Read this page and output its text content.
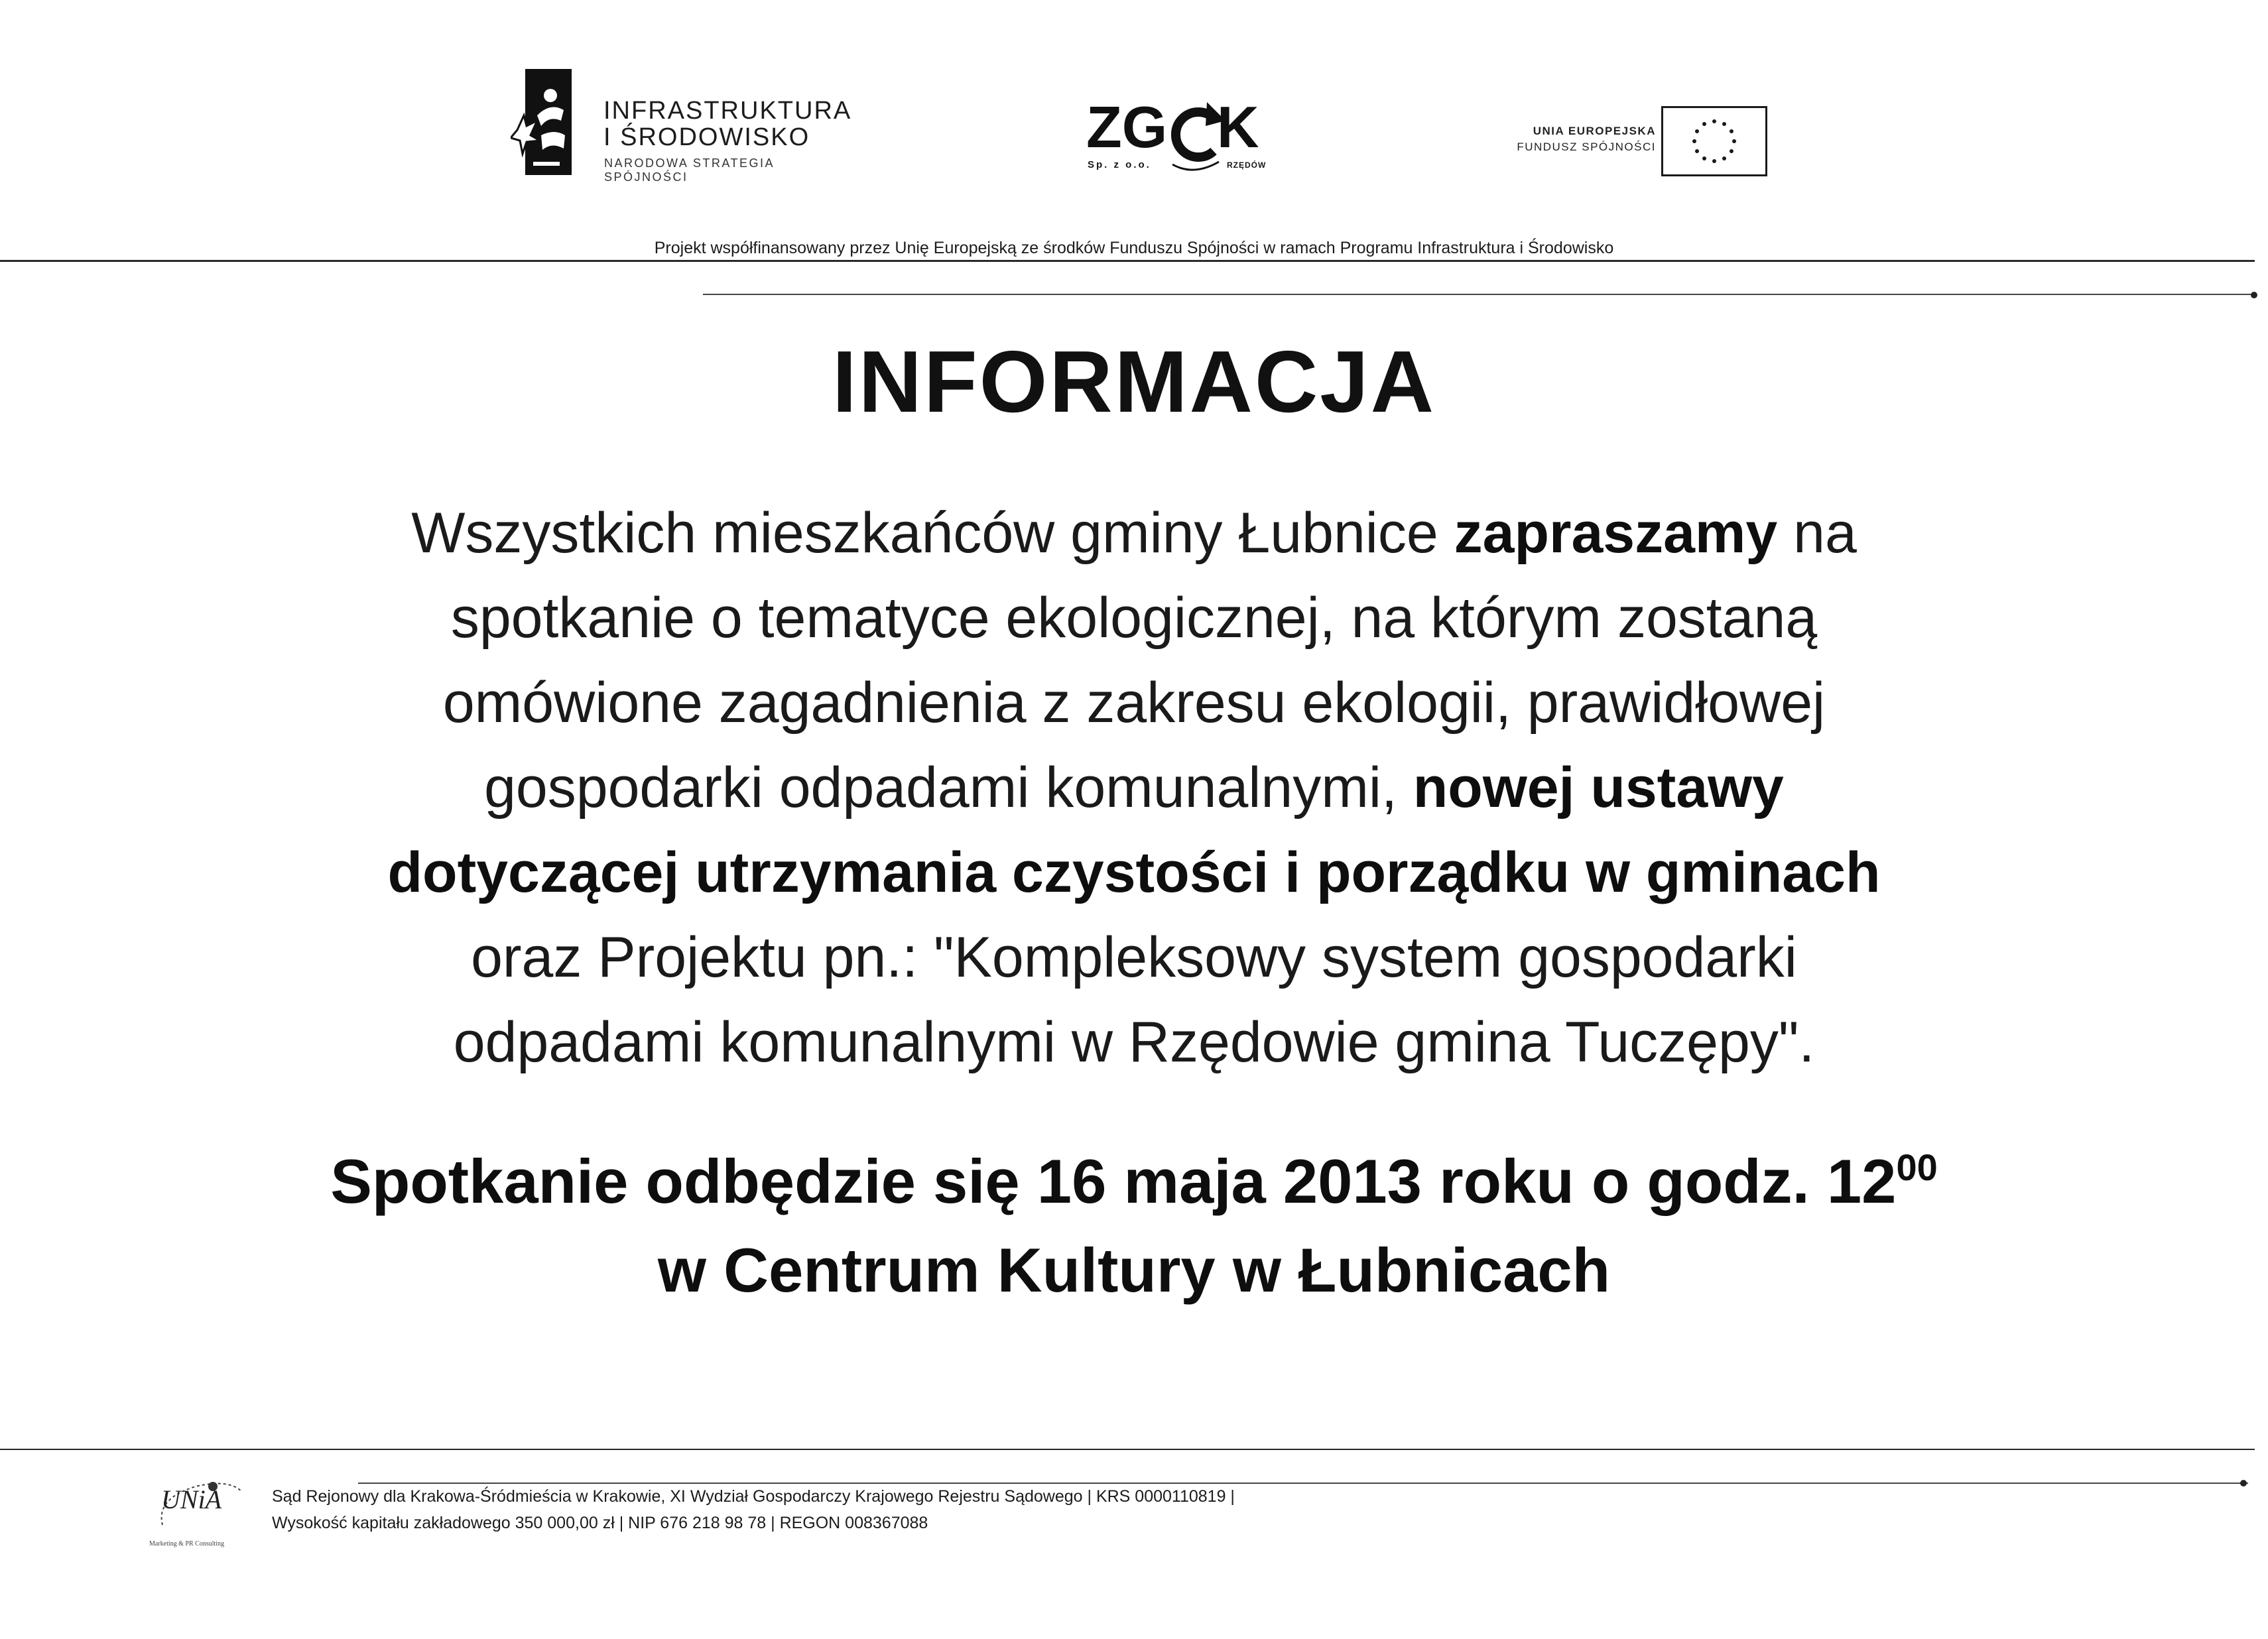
INFRASTRUKTURA
I ŚRODOWISKO
NARODOWA STRATEGIA SPÓJNOŚCI
ZG K
Sp. z o.o.	RZĘDÓW
UNIA EUROPEJSKA
FUNDUSZ SPÓJNOŚCI
Projekt współfinansowany przez Unię Europejską ze środków Funduszu Spójności w ramach Programu Infrastruktura i Środowisko
INFORMACJA
Wszystkich mieszkańców gminy Łubnice zapraszamy na
spotkanie o tematyce ekologicznej, na którym zostaną
omówione zagadnienia z zakresu ekologii, prawidłowej
gospodarki odpadami komunalnymi, nowej ustawy
dotyczącej utrzymania czystości i porządku w gminach
oraz Projektu pn.: "Kompleksowy system gospodarki
odpadami komunalnymi w Rzędowie gmina Tuczępy".
Spotkanie odbędzie się 16 maja 2013 roku o godz. $12^{00}$
w Centrum Kultury w Łubnicach
UNiA
Marketing & PR Consulting
Sąd Rejonowy dla Krakowa-Śródmieścia w Krakowie, XI Wydział Gospodarczy Krajowego Rejestru Sądowego | KRS 0000110819 |
Wysokość kapitału zakładowego 350 000,00 zł | NIP 676 218 98 78 | REGON 008367088
